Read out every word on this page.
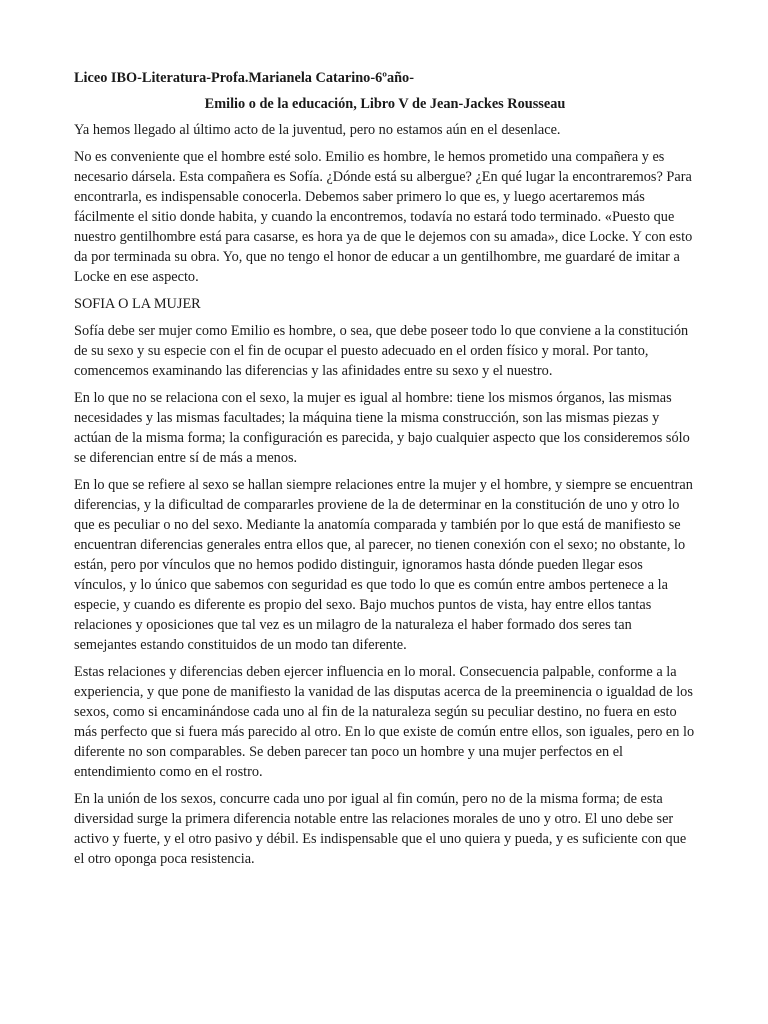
Liceo IBO-Literatura-Profa.Marianela Catarino-6ºaño-
Emilio o de la educación, Libro V de Jean-Jackes Rousseau

Ya hemos llegado al último acto de la juventud, pero no estamos aún en el desenlace.

No es conveniente que el hombre esté solo. Emilio es hombre, le hemos prometido una compañera y es necesario dársela. Esta compañera es Sofía. ¿Dónde está su albergue? ¿En qué lugar la encontraremos? Para encontrarla, es indispensable conocerla. Debemos saber primero lo que es, y luego acertaremos más fácilmente el sitio donde habita, y cuando la encontremos, todavía no estará todo terminado. «Puesto que nuestro gentilhombre está para casarse, es hora ya de que le dejemos con su amada», dice Locke. Y con esto da por terminada su obra. Yo, que no tengo el honor de educar a un gentilhombre, me guardaré de imitar a Locke en ese aspecto.

SOFIA O LA MUJER

Sofía debe ser mujer como Emilio es hombre, o sea, que debe poseer todo lo que conviene a la constitución de su sexo y su especie con el fin de ocupar el puesto adecuado en el orden físico y moral. Por tanto, comencemos examinando las diferencias y las afinidades entre su sexo y el nuestro.

En lo que no se relaciona con el sexo, la mujer es igual al hombre: tiene los mismos órganos, las mismas necesidades y las mismas facultades; la máquina tiene la misma construcción, son las mismas piezas y actúan de la misma forma; la configuración es parecida, y bajo cualquier aspecto que los consideremos sólo se diferencian entre sí de más a menos.

En lo que se refiere al sexo se hallan siempre relaciones entre la mujer y el hombre, y siempre se encuentran diferencias, y la dificultad de compararles proviene de la de determinar en la constitución de uno y otro lo que es peculiar o no del sexo. Mediante la anatomía comparada y también por lo que está de manifiesto se encuentran diferencias generales entra ellos que, al parecer, no tienen conexión con el sexo; no obstante, lo están, pero por vínculos que no hemos podido distinguir, ignoramos hasta dónde pueden llegar esos vínculos, y lo único que sabemos con seguridad es que todo lo que es común entre ambos pertenece a la especie, y cuando es diferente es propio del sexo. Bajo muchos puntos de vista, hay entre ellos tantas relaciones y oposiciones que tal vez es un milagro de la naturaleza el haber formado dos seres tan semejantes estando constituidos de un modo tan diferente.

Estas relaciones y diferencias deben ejercer influencia en lo moral. Consecuencia palpable, conforme a la experiencia, y que pone de manifiesto la vanidad de las disputas acerca de la preeminencia o igualdad de los sexos, como si encaminándose cada uno al fin de la naturaleza según su peculiar destino, no fuera en esto más perfecto que si fuera más parecido al otro. En lo que existe de común entre ellos, son iguales, pero en lo diferente no son comparables. Se deben parecer tan poco un hombre y una mujer perfectos en el entendimiento como en el rostro.

En la unión de los sexos, concurre cada uno por igual al fin común, pero no de la misma forma; de esta diversidad surge la primera diferencia notable entre las relaciones morales de uno y otro. El uno debe ser activo y fuerte, y el otro pasivo y débil. Es indispensable que el uno quiera y pueda, y es suficiente con que el otro oponga poca resistencia.
